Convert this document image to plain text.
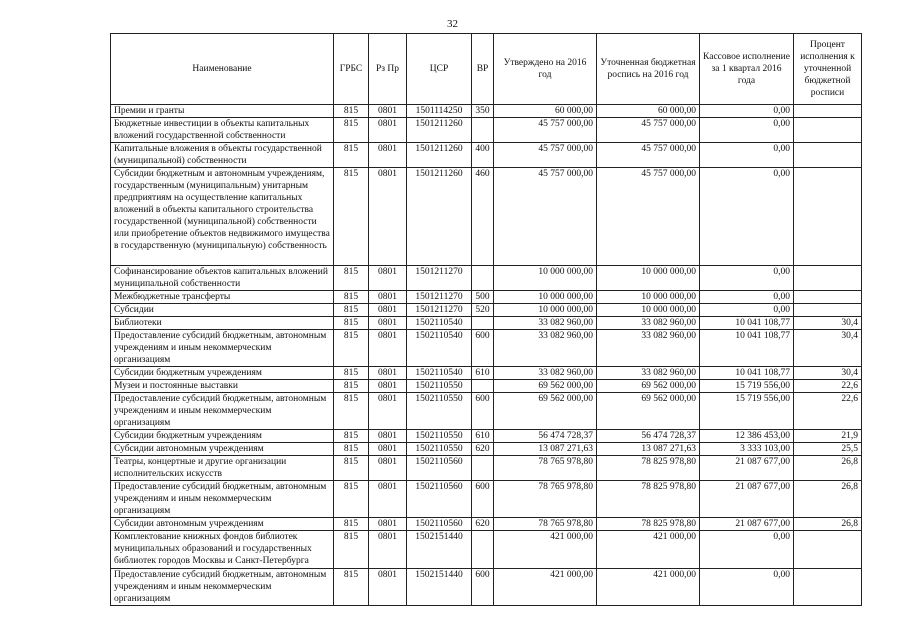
32
Наименование	ГРБС	Рз Пр	ЦСР	ВР	Утверждено на 2016 год	Уточненная бюджетная роспись на 2016 год	Кассовое исполнение за 1 квартал 2016 года	Процент исполнения к уточненной бюджетной росписи
Премии и гранты	815	0801	1501114250	350	60 000,00	60 000,00	0,00	
Бюджетные инвестиции в объекты капитальных вложений государственной собственности	815	0801	1501211260		45 757 000,00	45 757 000,00	0,00	
Капитальные вложения в объекты государственной (муниципальной) собственности	815	0801	1501211260	400	45 757 000,00	45 757 000,00	0,00	
Субсидии бюджетным и автономным учреждениям, государственным (муниципальным) унитарным предприятиям на осуществление капитальных вложений в объекты капитального строительства государственной (муниципальной) собственности или приобретение объектов недвижимого имущества в государственную (муниципальную) собственность	815	0801	1501211260	460	45 757 000,00	45 757 000,00	0,00	
Софинансирование объектов капитальных вложений муниципальной собственности	815	0801	1501211270		10 000 000,00	10 000 000,00	0,00	
Межбюджетные трансферты	815	0801	1501211270	500	10 000 000,00	10 000 000,00	0,00	
Субсидии	815	0801	1501211270	520	10 000 000,00	10 000 000,00	0,00	
Библиотеки	815	0801	1502110540		33 082 960,00	33 082 960,00	10 041 108,77	30,4
Предоставление субсидий бюджетным, автономным учреждениям и иным некоммерческим организациям	815	0801	1502110540	600	33 082 960,00	33 082 960,00	10 041 108,77	30,4
Субсидии бюджетным учреждениям	815	0801	1502110540	610	33 082 960,00	33 082 960,00	10 041 108,77	30,4
Музеи и постоянные выставки	815	0801	1502110550		69 562 000,00	69 562 000,00	15 719 556,00	22,6
Предоставление субсидий бюджетным, автономным учреждениям и иным некоммерческим организациям	815	0801	1502110550	600	69 562 000,00	69 562 000,00	15 719 556,00	22,6
Субсидии бюджетным учреждениям	815	0801	1502110550	610	56 474 728,37	56 474 728,37	12 386 453,00	21,9
Субсидии автономным учреждениям	815	0801	1502110550	620	13 087 271,63	13 087 271,63	3 333 103,00	25,5
Театры, концертные и другие организации исполнительских искусств	815	0801	1502110560		78 765 978,80	78 825 978,80	21 087 677,00	26,8
Предоставление субсидий бюджетным, автономным учреждениям и иным некоммерческим организациям	815	0801	1502110560	600	78 765 978,80	78 825 978,80	21 087 677,00	26,8
Субсидии автономным учреждениям	815	0801	1502110560	620	78 765 978,80	78 825 978,80	21 087 677,00	26,8
Комплектование книжных фондов библиотек муниципальных образований и государственных библиотек городов Москвы и Санкт-Петербурга	815	0801	1502151440		421 000,00	421 000,00	0,00	
Предоставление субсидий бюджетным, автономным учреждениям и иным некоммерческим организациям	815	0801	1502151440	600	421 000,00	421 000,00	0,00	
